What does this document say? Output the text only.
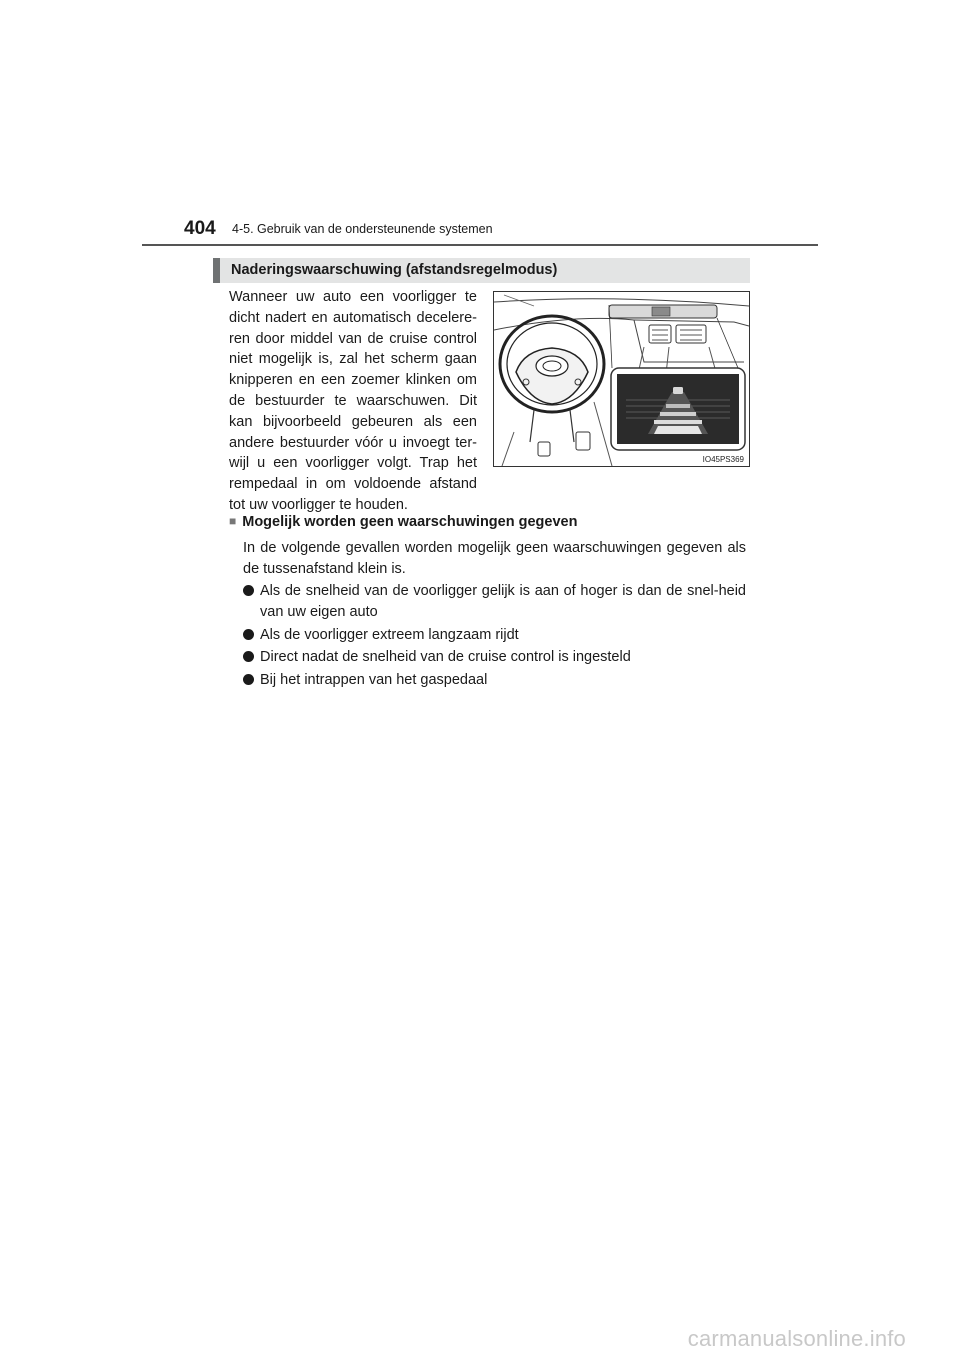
404 4-5. Gebruik van de ondersteunende systemen
Naderingswaarschuwing (afstandsregelmodus)

Wanneer uw auto een voorligger te dicht nadert en automatisch decelere-ren door middel van de cruise control niet mogelijk is, zal het scherm gaan knipperen en een zoemer klinken om de bestuurder te waarschuwen. Dit kan bijvoorbeeld gebeuren als een andere bestuurder vóór u invoegt ter-wijl u een voorligger volgt. Trap het rempedaal in om voldoende afstand tot uw voorligger te houden.

IO45PS369
■ Mogelijk worden geen waarschuwingen gegeven

In de volgende gevallen worden mogelijk geen waarschuwingen gegeven als de tussenafstand klein is.

Als de snelheid van de voorligger gelijk is aan of hoger is dan de snel-heid van uw eigen auto
Als de voorligger extreem langzaam rijdt
Direct nadat de snelheid van de cruise control is ingesteld
Bij het intrappen van het gaspedaal
carmanualsonline.info
